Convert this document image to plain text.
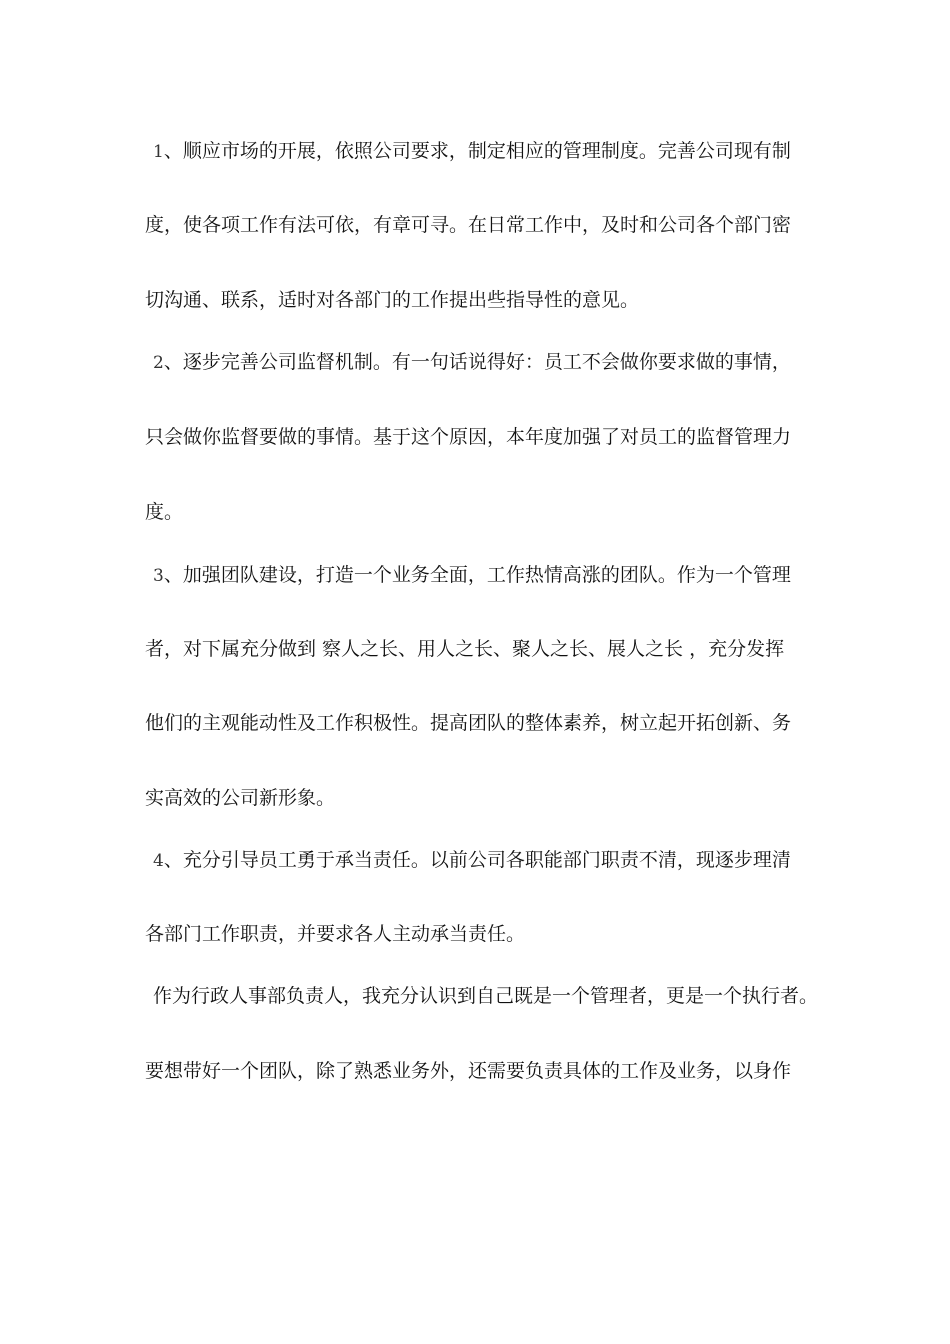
1、顺应市场的开展，依照公司要求，制定相应的管理制度。完善公司现有制
度，使各项工作有法可依，有章可寻。在日常工作中，及时和公司各个部门密
切沟通、联系，适时对各部门的工作提出些指导性的意见。
2、逐步完善公司监督机制。有一句话说得好：员工不会做你要求做的事情，
只会做你监督要做的事情。基于这个原因，本年度加强了对员工的监督管理力
度。
3、加强团队建设，打造一个业务全面，工作热情高涨的团队。作为一个管理
者，对下属充分做到 察人之长、用人之长、聚人之长、展人之长 ，充分发挥
他们的主观能动性及工作积极性。提高团队的整体素养，树立起开拓创新、务
实高效的公司新形象。
4、充分引导员工勇于承当责任。以前公司各职能部门职责不清，现逐步理清
各部门工作职责，并要求各人主动承当责任。
作为行政人事部负责人，我充分认识到自己既是一个管理者，更是一个执行者。
要想带好一个团队，除了熟悉业务外，还需要负责具体的工作及业务，以身作
